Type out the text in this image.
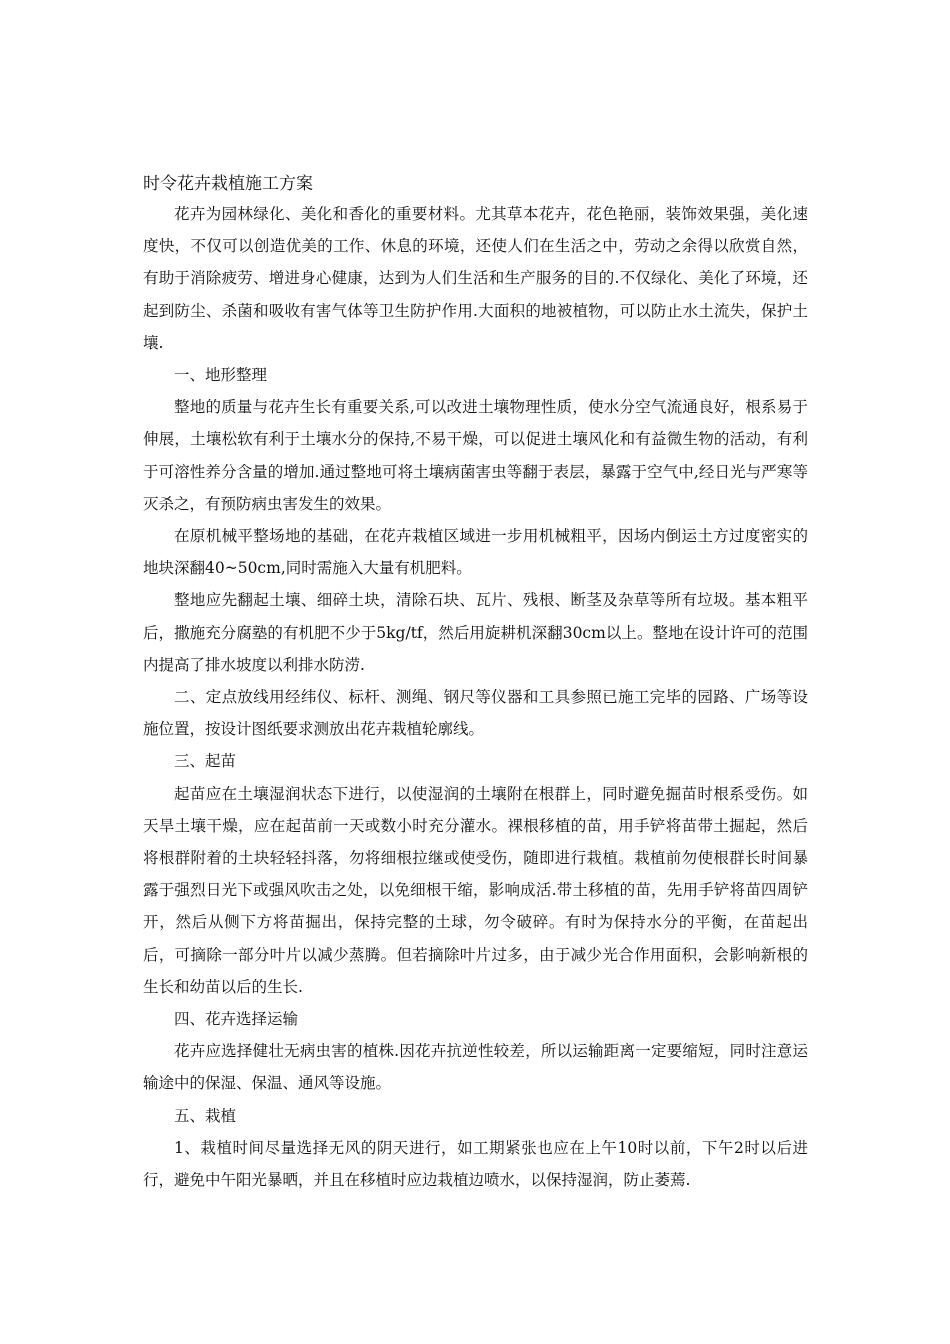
时令花卉栽植施工方案

花卉为园林绿化、美化和香化的重要材料。尤其草本花卉，花色艳丽，装饰效果强，美化速度快，不仅可以创造优美的工作、休息的环境，还使人们在生活之中，劳动之余得以欣赏自然，有助于消除疲劳、增进身心健康，达到为人们生活和生产服务的目的.不仅绿化、美化了环境，还起到防尘、杀菌和吸收有害气体等卫生防护作用.大面积的地被植物，可以防止水土流失，保护土壤.

一、地形整理

整地的质量与花卉生长有重要关系,可以改进土壤物理性质，使水分空气流通良好，根系易于伸展，土壤松软有利于土壤水分的保持,不易干燥，可以促进土壤风化和有益微生物的活动，有利于可溶性养分含量的增加.通过整地可将土壤病菌害虫等翻于表层，暴露于空气中,经日光与严寒等灭杀之，有预防病虫害发生的效果。

在原机械平整场地的基础，在花卉栽植区域进一步用机械粗平，因场内倒运土方过度密实的地块深翻40~50cm,同时需施入大量有机肥料。

整地应先翻起土壤、细碎土块，清除石块、瓦片、残根、断茎及杂草等所有垃圾。基本粗平后，撒施充分腐塾的有机肥不少于5kg/tf，然后用旋耕机深翻30cm以上。整地在设计许可的范围内提高了排水坡度以利排水防涝.

二、定点放线用经纬仪、标杆、测绳、钢尺等仪器和工具参照已施工完毕的园路、广场等设施位置，按设计图纸要求测放出花卉栽植轮廓线。

三、起苗

起苗应在土壤湿润状态下进行，以使湿润的土壤附在根群上，同时避免掘苗时根系受伤。如天旱土壤干燥，应在起苗前一天或数小时充分灌水。裸根移植的苗，用手铲将苗带土掘起，然后将根群附着的土块轻轻抖落，勿将细根拉继或使受伤，随即进行栽植。栽植前勿使根群长时间暴露于强烈日光下或强风吹击之处，以免细根干缩，影响成活.带土移植的苗，先用手铲将苗四周铲开，然后从侧下方将苗掘出，保持完整的土球，勿令破碎。有时为保持水分的平衡，在苗起出后，可摘除一部分叶片以减少蒸腾。但若摘除叶片过多，由于减少光合作用面积，会影响新根的生长和幼苗以后的生长.

四、花卉选择运输

花卉应选择健壮无病虫害的植株.因花卉抗逆性较差，所以运输距离一定要缩短，同时注意运输途中的保湿、保温、通风等设施。

五、栽植

1、栽植时间尽量选择无风的阴天进行，如工期紧张也应在上午10时以前，下午2时以后进行，避免中午阳光暴晒，并且在移植时应边栽植边喷水，以保持湿润，防止萎蔫.
